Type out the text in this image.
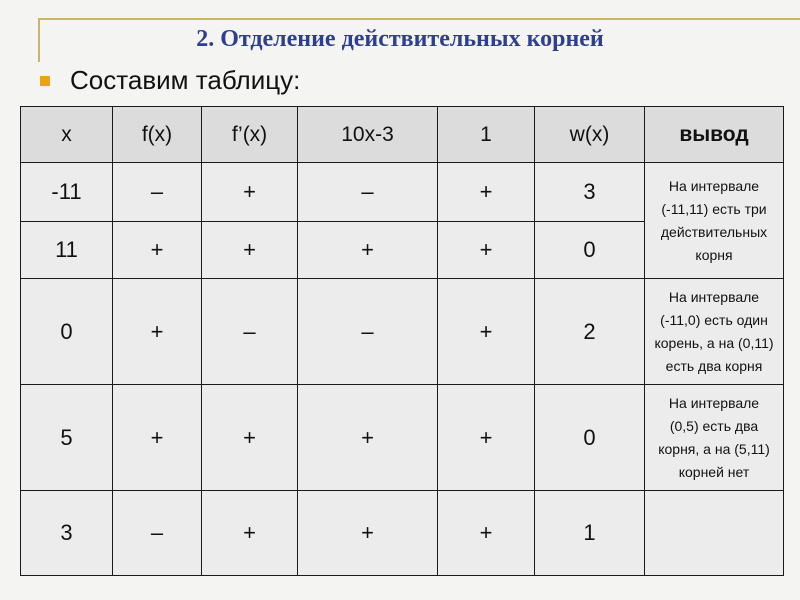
2. Отделение действительных корней
Составим таблицу:
x	f(x)	f’(x)	10x-3	1	w(x)	вывод
-11	–	+	–	+	3	На интервале
(-11,11) есть три действительных корня

11	+	+	+	+	0	
0	+	–	–	+	2	На интервале
(-11,0) есть один корень, а на (0,11) есть два корня

5	+	+	+	+	0	На интервале
(0,5) есть два корня, а на (5,11) корней нет

3	–	+	+	+	1	
